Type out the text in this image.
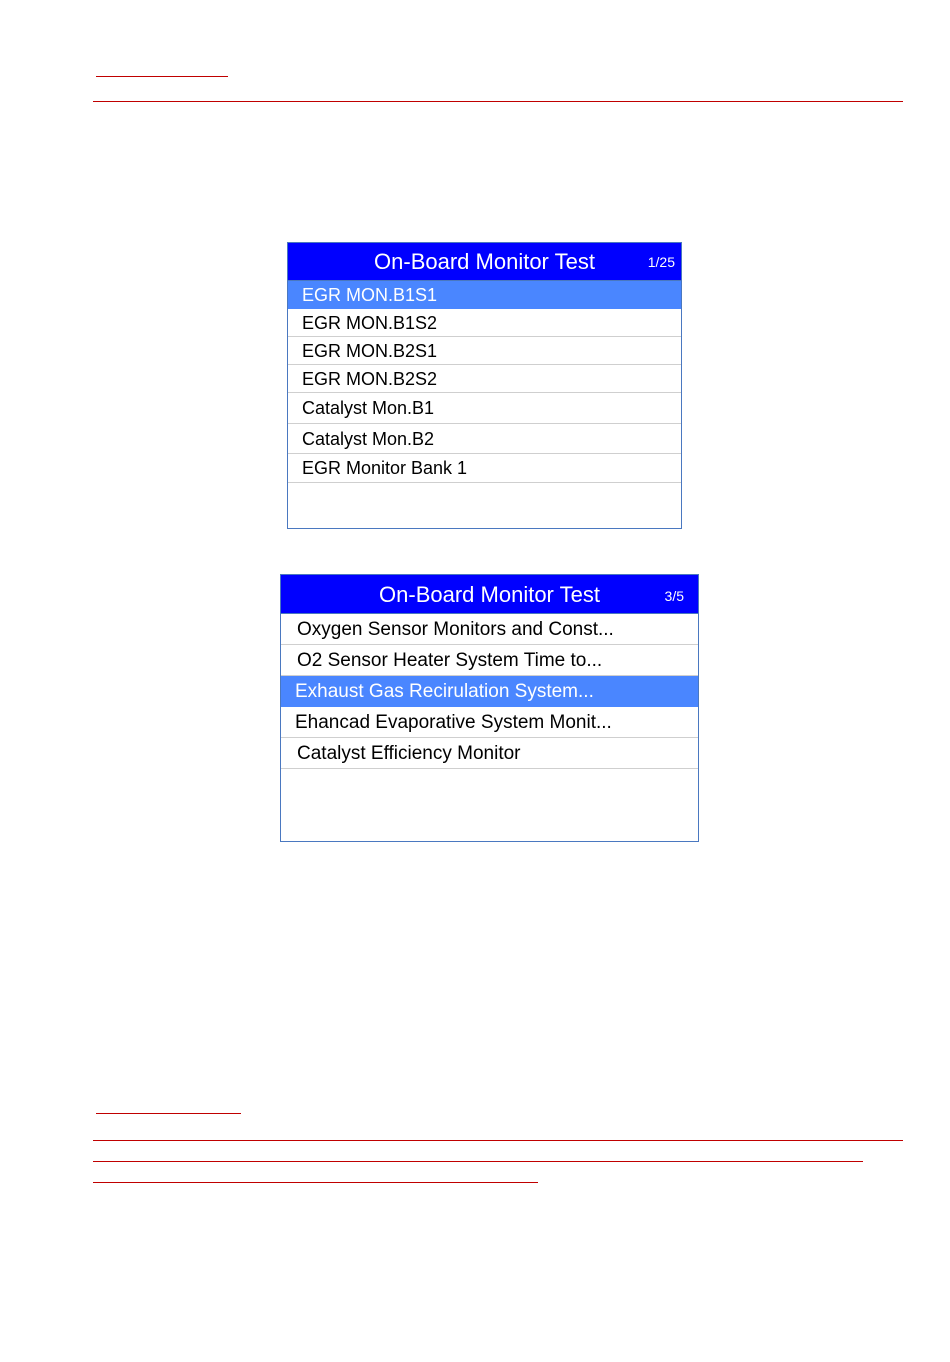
On-Board Monitor Test	1/25
EGR MON.B1S1
EGR MON.B1S2
EGR MON.B2S1
EGR MON.B2S2
Catalyst Mon.B1
Catalyst Mon.B2
EGR Monitor Bank 1
On-Board Monitor Test	3/5
Oxygen Sensor Monitors and Const...
O2 Sensor Heater System Time to...
Exhaust Gas Recirulation System...
Ehancad Evaporative System Monit...
Catalyst Efficiency Monitor
